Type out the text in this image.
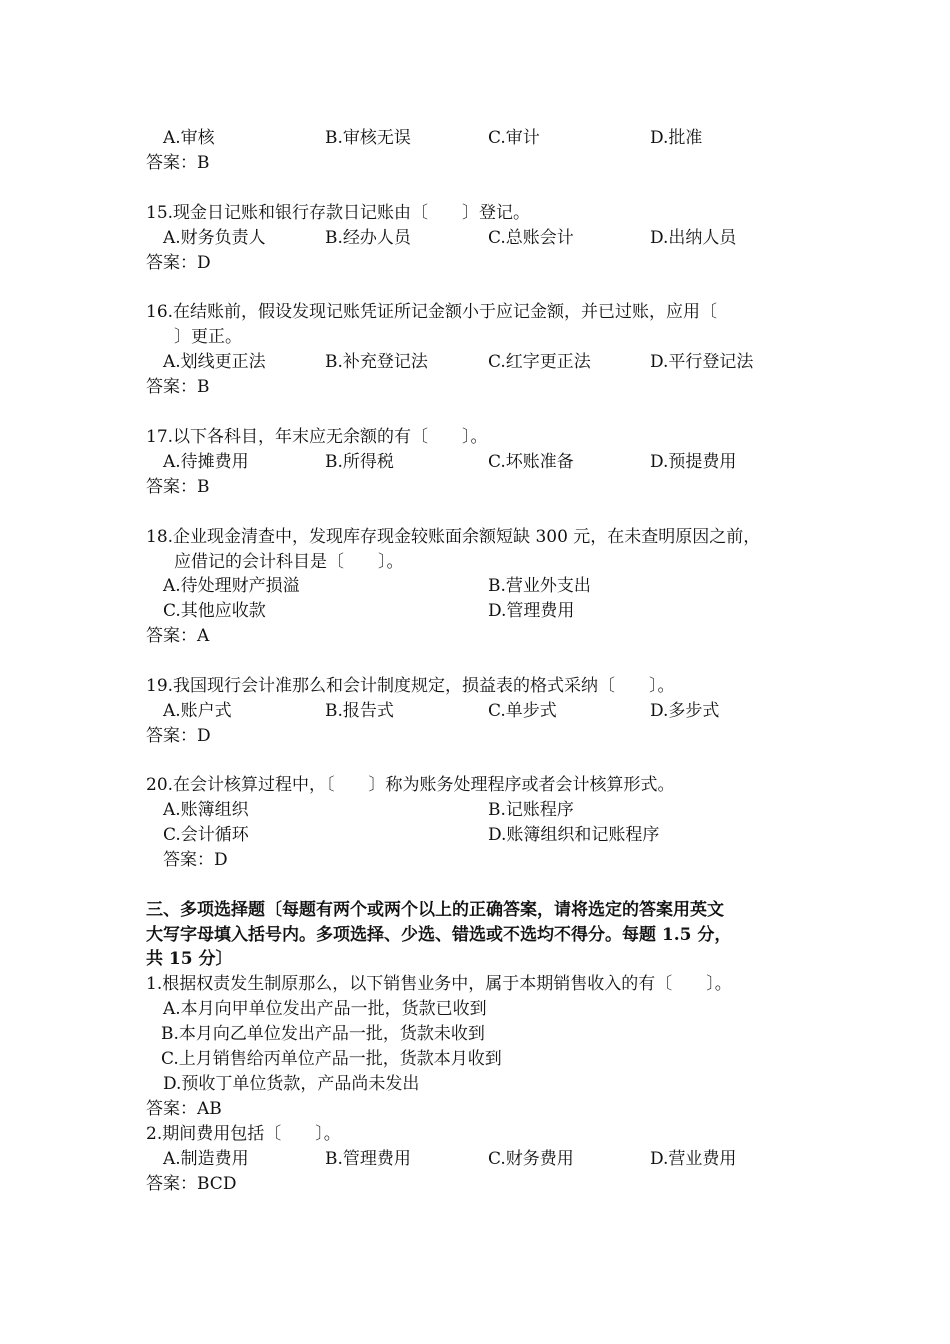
A.审核	B.审核无误	C.审计	D.批准
答案：B
15.现金日记账和银行存款日记账由〔　　〕登记。
A.财务负责人	B.经办人员	C.总账会计	D.出纳人员
答案：D
16.在结账前，假设发现记账凭证所记金额小于应记金额，并已过账，应用〔
〕更正。
A.划线更正法	B.补充登记法	C.红字更正法	D.平行登记法
答案：B
17.以下各科目，年末应无余额的有〔　　〕。
A.待摊费用	B.所得税	C.坏账准备	D.预提费用
答案：B
18.企业现金清查中，发现库存现金较账面余额短缺 300 元，在未查明原因之前，
应借记的会计科目是〔　　〕。
A.待处理财产损溢	B.营业外支出
C.其他应收款	D.管理费用
答案：A
19.我国现行会计准那么和会计制度规定，损益表的格式采纳〔　　〕。
A.账户式	B.报告式	C.单步式	D.多步式
答案：D
20.在会计核算过程中，〔　　〕称为账务处理程序或者会计核算形式。
A.账簿组织	B.记账程序
C.会计循环	D.账簿组织和记账程序
答案：D
三、多项选择题〔每题有两个或两个以上的正确答案，请将选定的答案用英文
大写字母填入括号内。多项选择、少选、错选或不选均不得分。每题 1.5 分，
共 15 分〕
1.根据权责发生制原那么，以下销售业务中，属于本期销售收入的有〔　　〕。
A.本月向甲单位发出产品一批，货款已收到
B.本月向乙单位发出产品一批，货款未收到
C.上月销售给丙单位产品一批，货款本月收到
D.预收丁单位货款，产品尚未发出
答案：AB
2.期间费用包括〔　　〕。
A.制造费用	B.管理费用	C.财务费用	D.营业费用
答案：BCD
